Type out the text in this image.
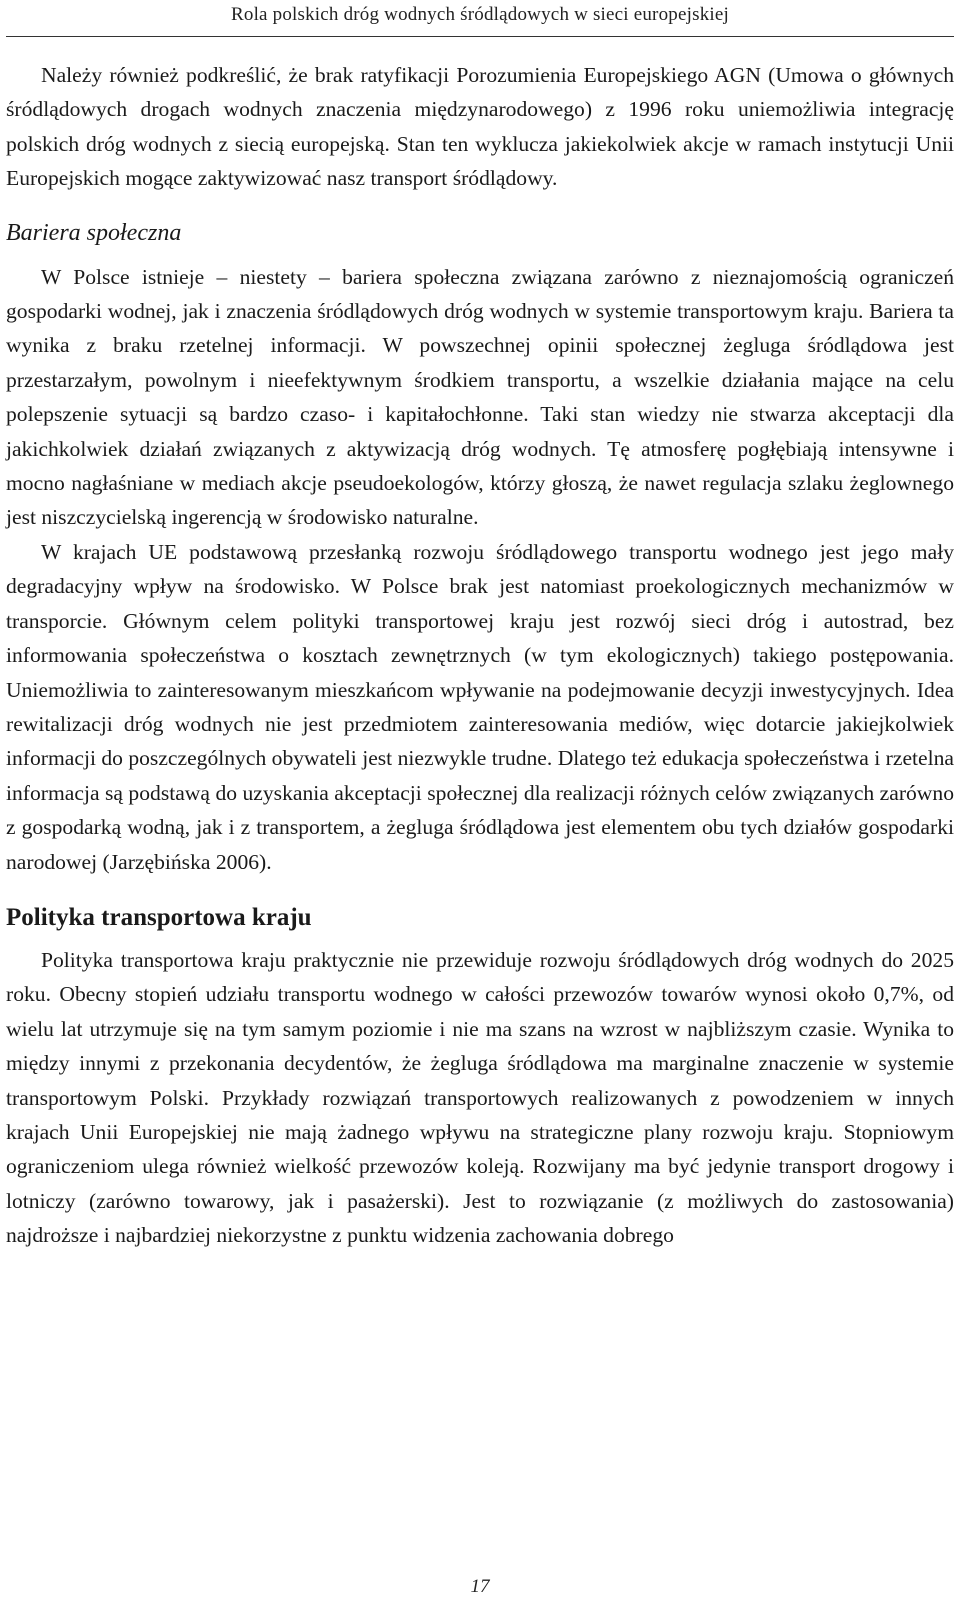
Rola polskich dróg wodnych śródlądowych w sieci europejskiej

Należy również podkreślić, że brak ratyfikacji Porozumienia Europejskiego AGN (Umowa o głównych śródlądowych drogach wodnych znaczenia międzynarodowego) z 1996 roku uniemożliwia integrację polskich dróg wodnych z siecią europejską. Stan ten wyklucza jakiekolwiek akcje w ramach instytucji Unii Europejskich mogące zaktywizować nasz transport śródlądowy.

Bariera społeczna

W Polsce istnieje – niestety – bariera społeczna związana zarówno z nieznajomością ograniczeń gospodarki wodnej, jak i znaczenia śródlądowych dróg wodnych w systemie transportowym kraju. Bariera ta wynika z braku rzetelnej informacji. W powszechnej opinii społecznej żegluga śródlądowa jest przestarzałym, powolnym i nieefektywnym środkiem transportu, a wszelkie działania mające na celu polepszenie sytuacji są bardzo czaso- i kapitałochłonne. Taki stan wiedzy nie stwarza akceptacji dla jakichkolwiek działań związanych z aktywizacją dróg wodnych. Tę atmosferę pogłębiają intensywne i mocno nagłaśniane w mediach akcje pseudoekologów, którzy głoszą, że nawet regulacja szlaku żeglownego jest niszczycielską ingerencją w środowisko naturalne.

W krajach UE podstawową przesłanką rozwoju śródlądowego transportu wodnego jest jego mały degradacyjny wpływ na środowisko. W Polsce brak jest natomiast proekologicznych mechanizmów w transporcie. Głównym celem polityki transportowej kraju jest rozwój sieci dróg i autostrad, bez informowania społeczeństwa o kosztach zewnętrznych (w tym ekologicznych) takiego postępowania. Uniemożliwia to zainteresowanym mieszkańcom wpływanie na podejmowanie decyzji inwestycyjnych. Idea rewitalizacji dróg wodnych nie jest przedmiotem zainteresowania mediów, więc dotarcie jakiejkolwiek informacji do poszczególnych obywateli jest niezwykle trudne. Dlatego też edukacja społeczeństwa i rzetelna informacja są podstawą do uzyskania akceptacji społecznej dla realizacji różnych celów związanych zarówno z gospodarką wodną, jak i z transportem, a żegluga śródlądowa jest elementem obu tych działów gospodarki narodowej (Jarzębińska 2006).

Polityka transportowa kraju

Polityka transportowa kraju praktycznie nie przewiduje rozwoju śródlądowych dróg wodnych do 2025 roku. Obecny stopień udziału transportu wodnego w całości przewozów towarów wynosi około 0,7%, od wielu lat utrzymuje się na tym samym poziomie i nie ma szans na wzrost w najbliższym czasie. Wynika to między innymi z przekonania decydentów, że żegluga śródlądowa ma marginalne znaczenie w systemie transportowym Polski. Przykłady rozwiązań transportowych realizowanych z powodzeniem w innych krajach Unii Europejskiej nie mają żadnego wpływu na strategiczne plany rozwoju kraju. Stopniowym ograniczeniom ulega również wielkość przewozów koleją. Rozwijany ma być jedynie transport drogowy i lotniczy (zarówno towarowy, jak i pasażerski). Jest to rozwiązanie (z możliwych do zastosowania) najdroższe i najbardziej niekorzystne z punktu widzenia zachowania dobrego

17
